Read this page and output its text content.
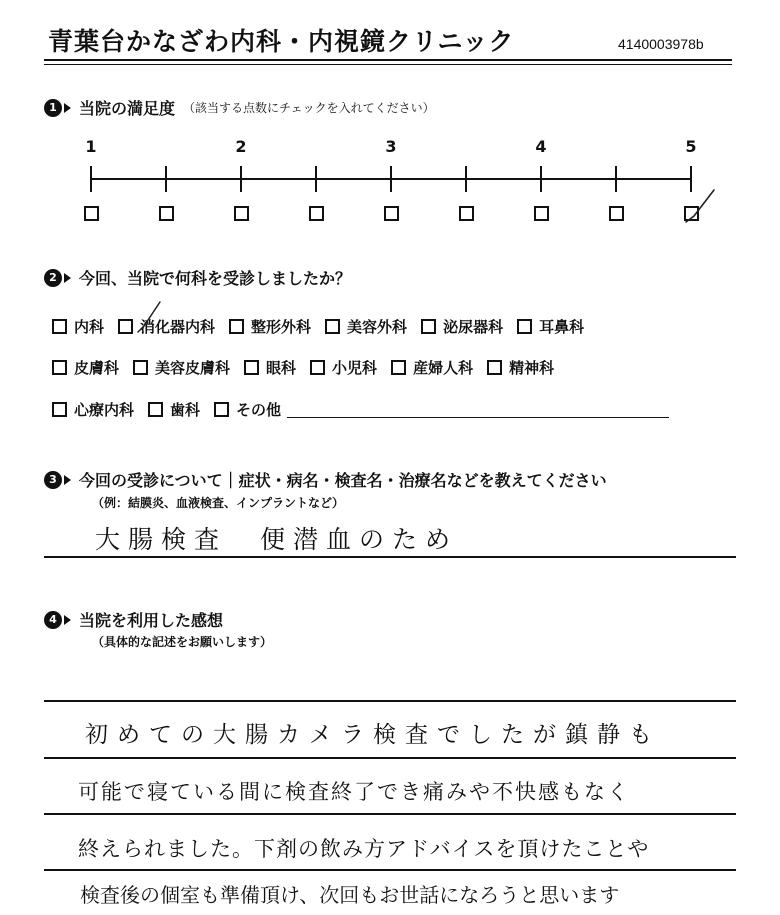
青葉台かなざわ内科・内視鏡クリニック	4140003978b
1	当院の満足度 （該当する点数にチェックを入れてください）
1	2	3	4	5
2	今回、当院で何科を受診しましたか？
内科 消化器内科 整形外科 美容外科 泌尿器科 耳鼻科
皮膚科 美容皮膚科 眼科 小児科 産婦人科 精神科
心療内科 歯科 その他
3	今回の受診について｜症状・病名・検査名・治療名などを教えてください
（例：結膜炎、血液検査、インプラントなど）
大腸検査　便潜血のため
4	当院を利用した感想
（具体的な記述をお願いします）
初めての大腸カメラ検査でしたが鎮静も
可能で寝ている間に検査終了でき痛みや不快感もなく
終えられました。下剤の飲み方アドバイスを頂けたことや
検査後の個室も準備頂け、次回もお世話になろうと思います
